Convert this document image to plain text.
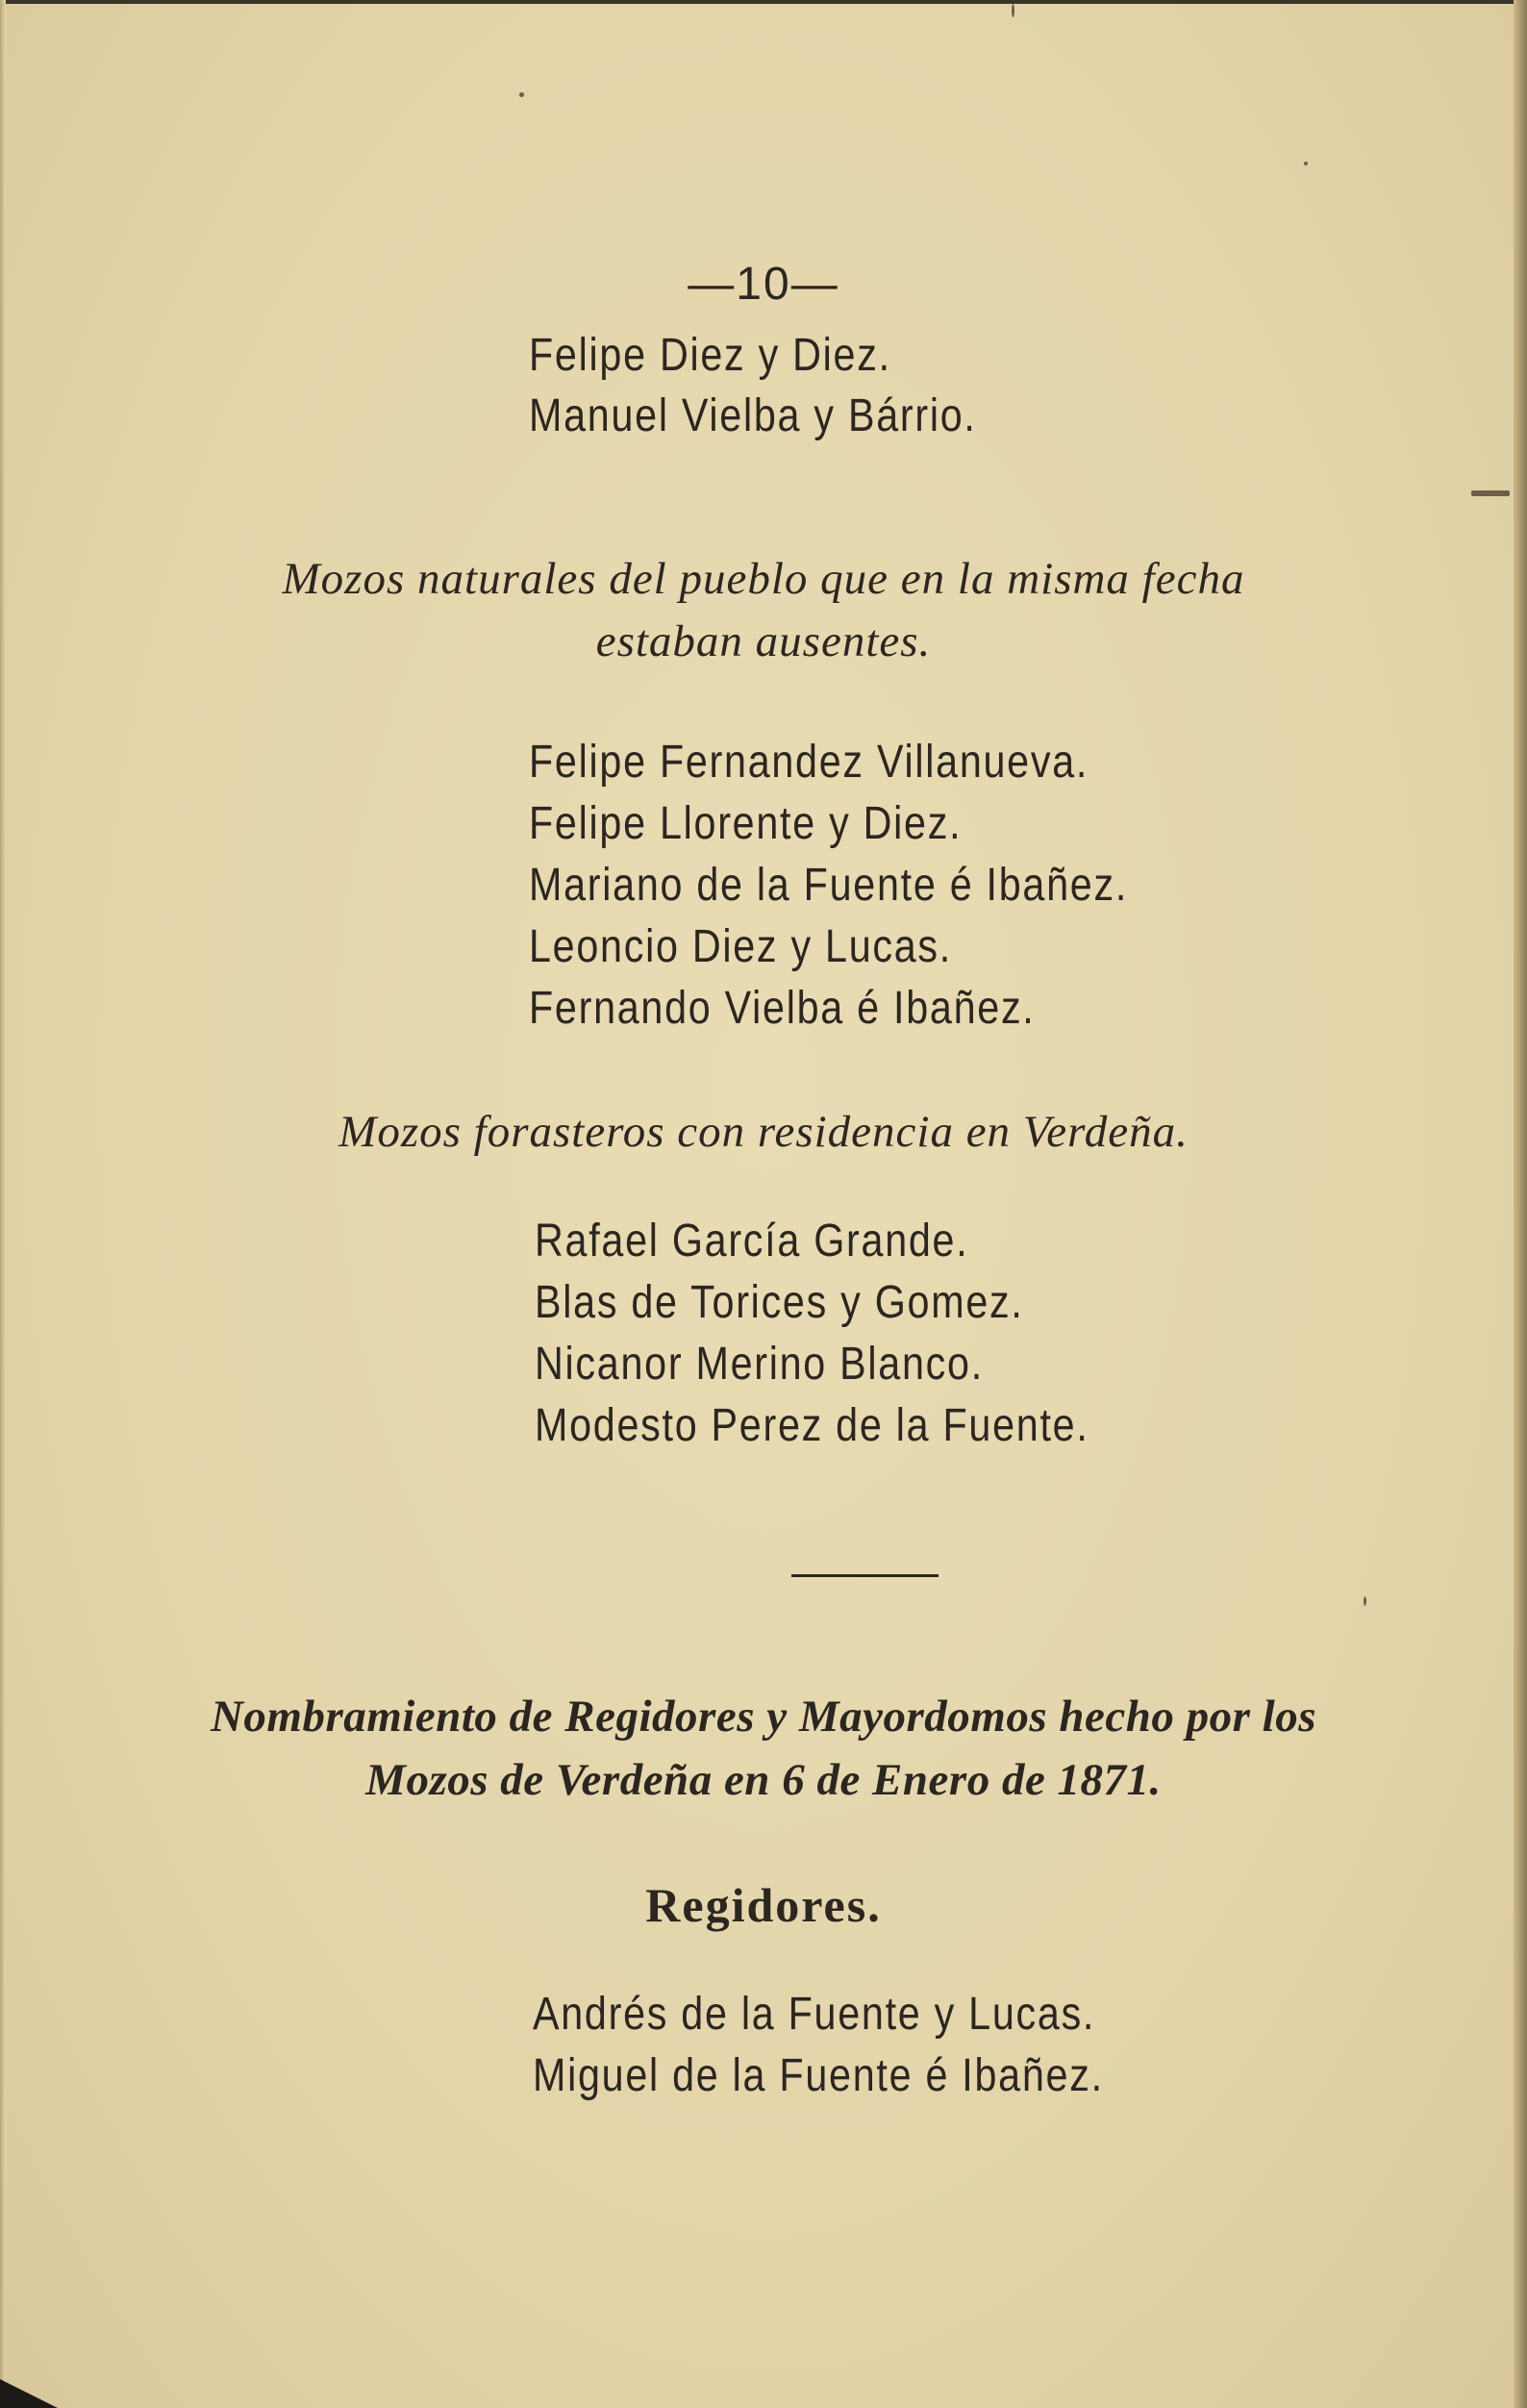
—10—
Felipe Diez y Diez.
Manuel Vielba y Bárrio.
Mozos naturales del pueblo que en la misma fecha
estaban ausentes.
Felipe Fernandez Villanueva.
Felipe Llorente y Diez.
Mariano de la Fuente é Ibañez.
Leoncio Diez y Lucas.
Fernando Vielba é Ibañez.
Mozos forasteros con residencia en Verdeña.
Rafael García Grande.
Blas de Torices y Gomez.
Nicanor Merino Blanco.
Modesto Perez de la Fuente.
Nombramiento de Regidores y Mayordomos hecho por los
Mozos de Verdeña en 6 de Enero de 1871.
Regidores.
Andrés de la Fuente y Lucas.
Miguel de la Fuente é Ibañez.
